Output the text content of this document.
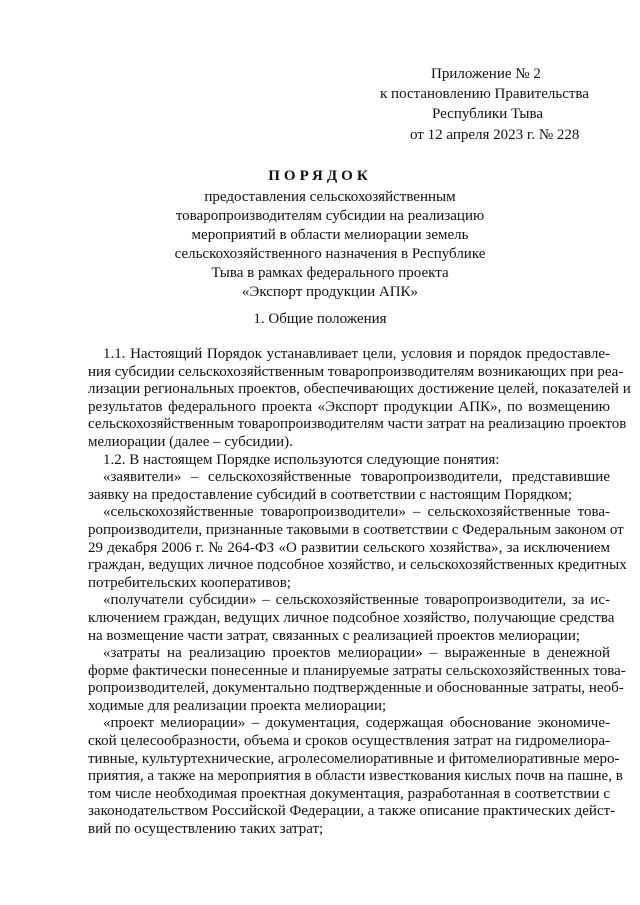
Приложение № 2
к постановлению Правительства
Республики Тыва
от 12 апреля 2023 г. № 228
ПОРЯДОК
предоставления сельскохозяйственным
товаропроизводителям субсидии на реализацию
мероприятий в области мелиорации земель
сельскохозяйственного назначения в Республике
Тыва в рамках федерального проекта
«Экспорт продукции АПК»
1. Общие положения
1.1. Настоящий Порядок устанавливает цели, условия и порядок предоставле-
ния субсидии сельскохозяйственным товаропроизводителям возникающих при реа-
лизации региональных проектов, обеспечивающих достижение целей, показателей и
результатов федерального проекта «Экспорт продукции АПК», по возмещению
сельскохозяйственным товаропроизводителям части затрат на реализацию проектов
мелиорации (далее – субсидии).
1.2. В настоящем Порядке используются следующие понятия:
«заявители» – сельскохозяйственные товаропроизводители, представившие
заявку на предоставление субсидий в соответствии с настоящим Порядком;
«сельскохозяйственные товаропроизводители» – сельскохозяйственные това-
ропроизводители, признанные таковыми в соответствии с Федеральным законом от
29 декабря 2006 г. № 264-ФЗ «О развитии сельского хозяйства», за исключением
граждан, ведущих личное подсобное хозяйство, и сельскохозяйственных кредитных
потребительских кооперативов;
«получатели субсидии» – сельскохозяйственные товаропроизводители, за ис-
ключением граждан, ведущих личное подсобное хозяйство, получающие средства
на возмещение части затрат, связанных с реализацией проектов мелиорации;
«затраты на реализацию проектов мелиорации» – выраженные в денежной
форме фактически понесенные и планируемые затраты сельскохозяйственных това-
ропроизводителей, документально подтвержденные и обоснованные затраты, необ-
ходимые для реализации проекта мелиорации;
«проект мелиорации» – документация, содержащая обоснование экономиче-
ской целесообразности, объема и сроков осуществления затрат на гидромелиора-
тивные, культуртехнические, агролесомелиоративные и фитомелиоративные меро-
приятия, а также на мероприятия в области известкования кислых почв на пашне, в
том числе необходимая проектная документация, разработанная в соответствии с
законодательством Российской Федерации, а также описание практических дейст-
вий по осуществлению таких затрат;
